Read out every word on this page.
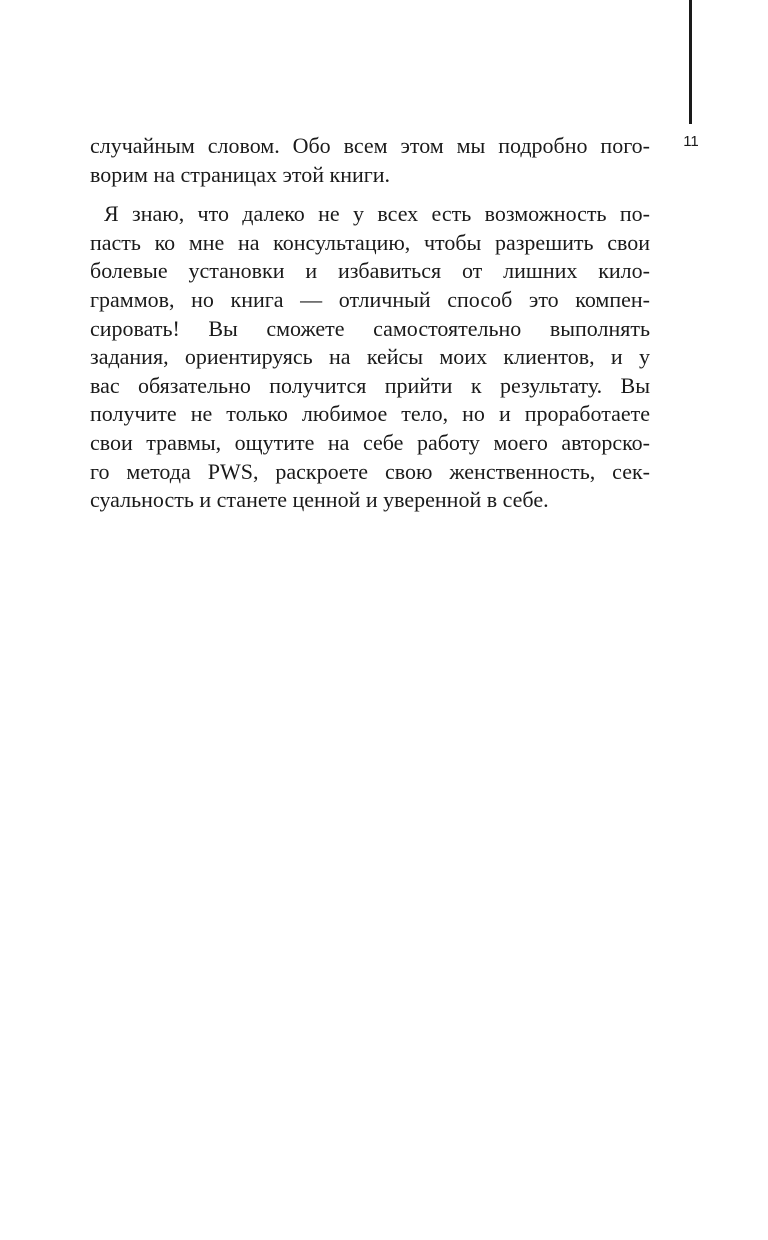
11
случайным словом. Обо всем этом мы подробно пого-
ворим на страницах этой книги.
Я знаю, что далеко не у всех есть возможность по-
пасть ко мне на консультацию, чтобы разрешить свои
болевые установки и избавиться от лишних кило-
граммов, но книга — отличный способ это компен-
сировать! Вы сможете самостоятельно выполнять
задания, ориентируясь на кейсы моих клиентов, и у
вас обязательно получится прийти к результату. Вы
получите не только любимое тело, но и проработаете
свои травмы, ощутите на себе работу моего авторско-
го метода PWS, раскроете свою женственность, сек-
суальность и станете ценной и уверенной в себе.
